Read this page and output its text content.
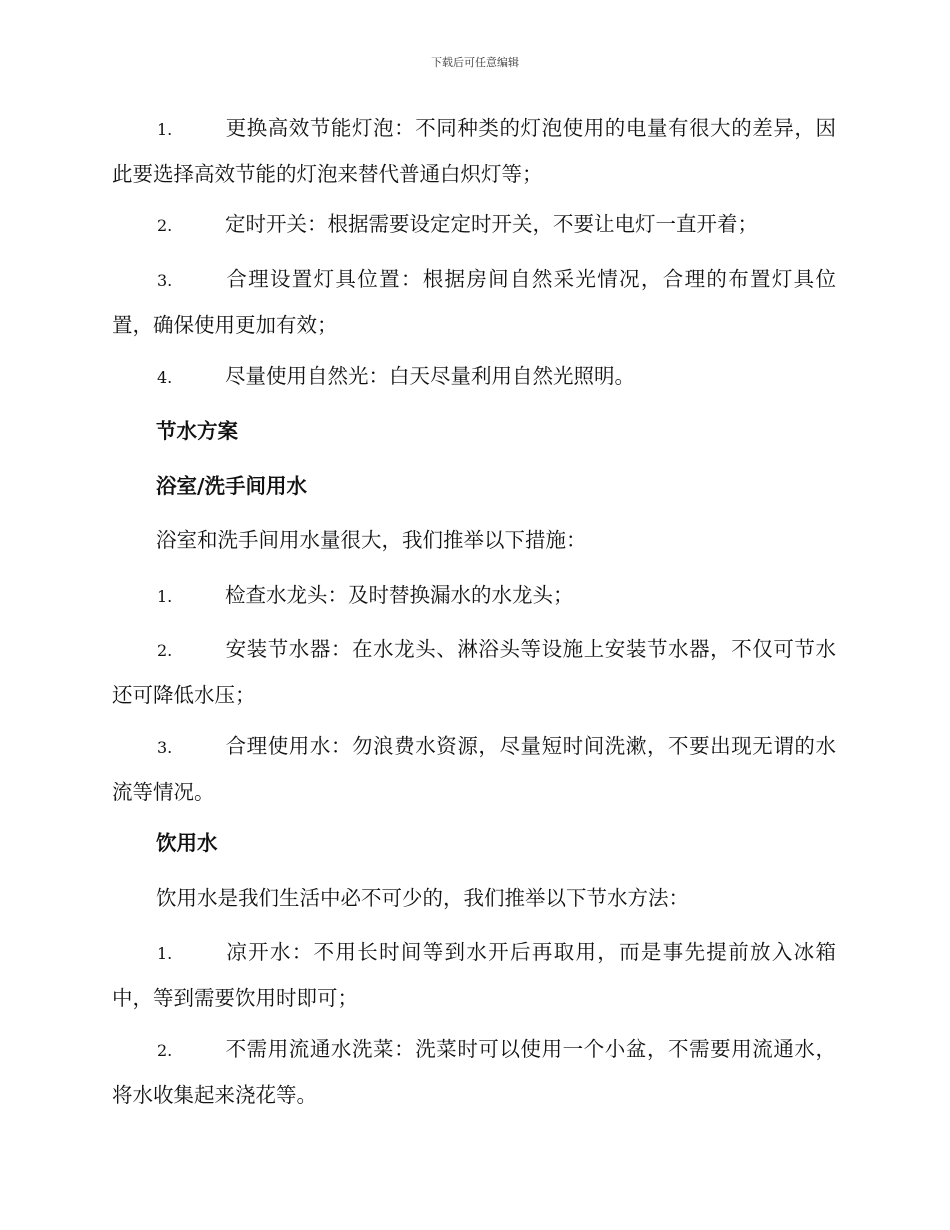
下载后可任意编辑
1.	更换高效节能灯泡：不同种类的灯泡使用的电量有很大的差异，因此要选择高效节能的灯泡来替代普通白炽灯等；
2.	定时开关：根据需要设定定时开关，不要让电灯一直开着；
3.	合理设置灯具位置：根据房间自然采光情况，合理的布置灯具位置，确保使用更加有效；
4.	尽量使用自然光：白天尽量利用自然光照明。
节水方案
浴室/洗手间用水
浴室和洗手间用水量很大，我们推举以下措施：
1.	检查水龙头：及时替换漏水的水龙头；
2.	安装节水器：在水龙头、淋浴头等设施上安装节水器，不仅可节水还可降低水压；
3.	合理使用水：勿浪费水资源，尽量短时间洗漱，不要出现无谓的水流等情况。
饮用水
饮用水是我们生活中必不可少的，我们推举以下节水方法：
1.	凉开水：不用长时间等到水开后再取用，而是事先提前放入冰箱中，等到需要饮用时即可；
2.	不需用流通水洗菜：洗菜时可以使用一个小盆，不需要用流通水，将水收集起来浇花等。
